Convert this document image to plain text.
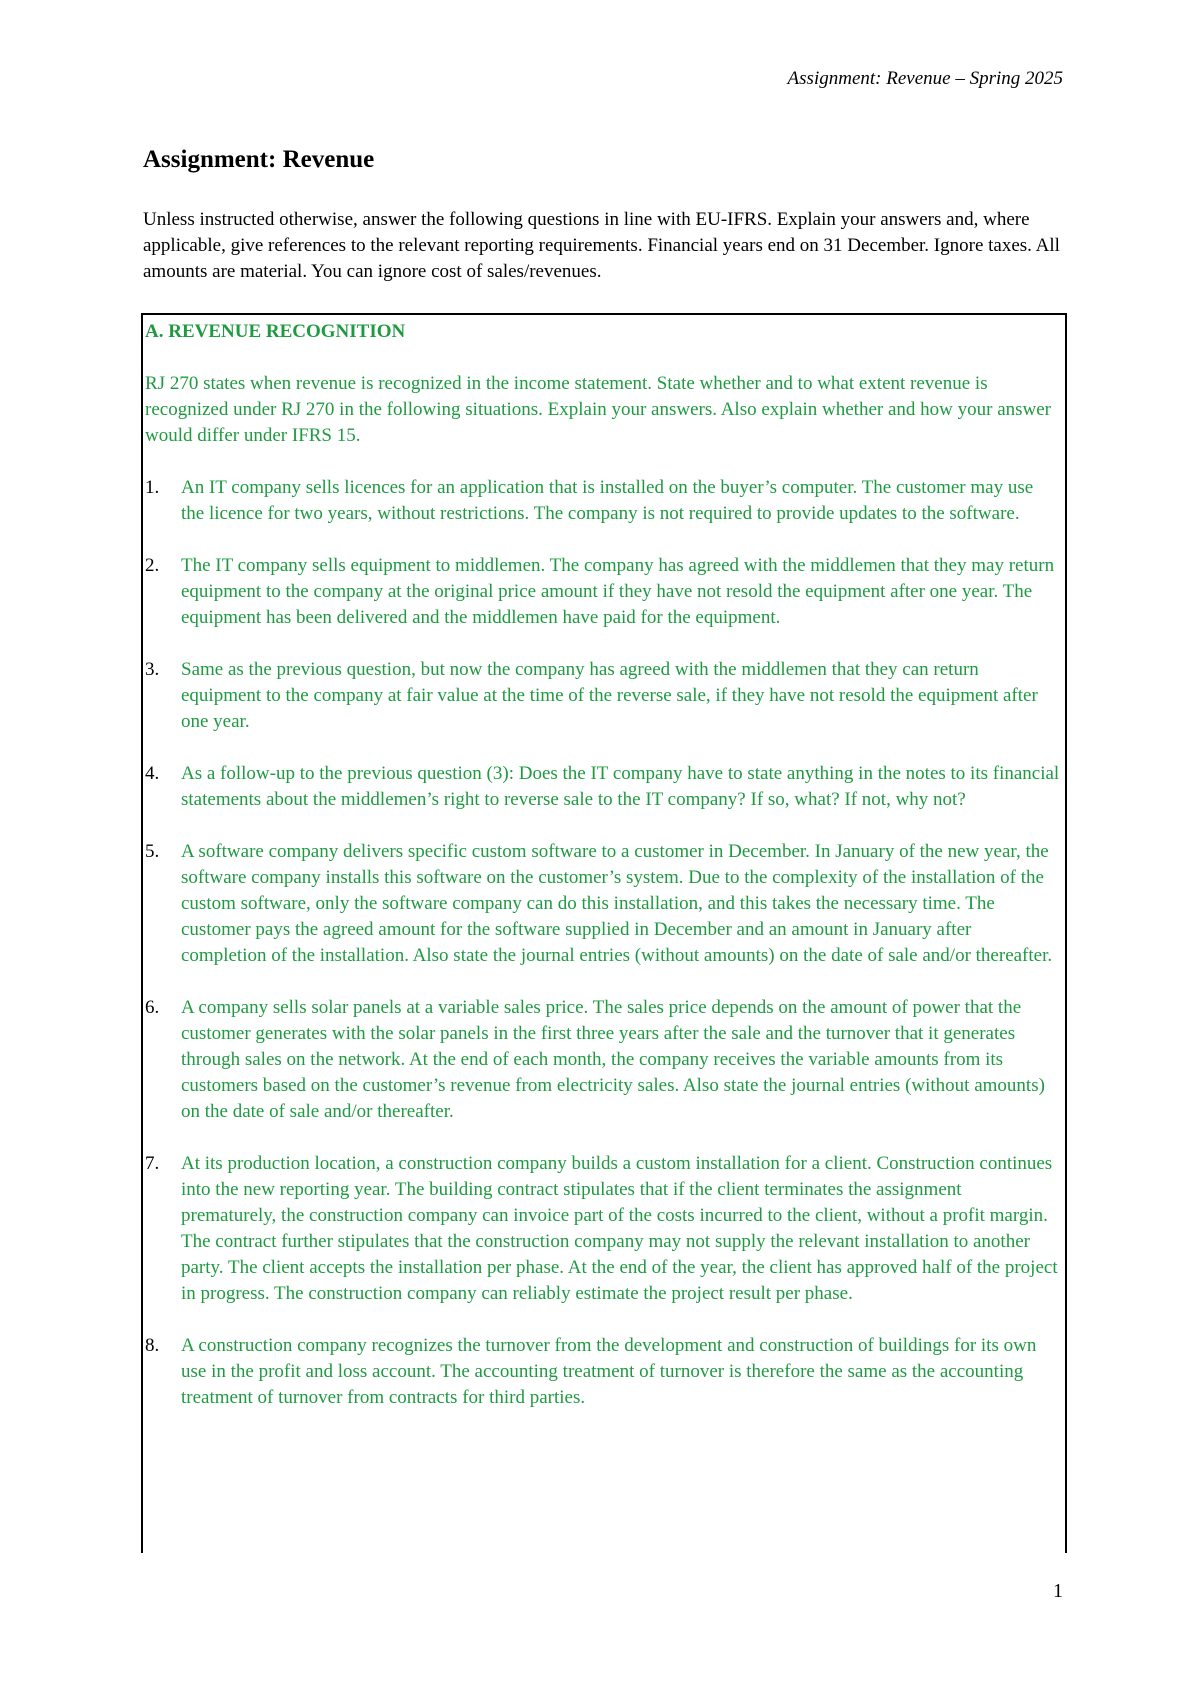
Assignment: Revenue – Spring 2025
Assignment: Revenue

Unless instructed otherwise, answer the following questions in line with EU-IFRS. Explain your answers and, where applicable, give references to the relevant reporting requirements. Financial years end on 31 December. Ignore taxes. All amounts are material. You can ignore cost of sales/revenues.

A. REVENUE RECOGNITION

RJ 270 states when revenue is recognized in the income statement. State whether and to what extent revenue is recognized under RJ 270 in the following situations. Explain your answers. Also explain whether and how your answer would differ under IFRS 15.

1.	An IT company sells licences for an application that is installed on the buyer’s computer. The customer may use the licence for two years, without restrictions. The company is not required to provide updates to the software.
2.	The IT company sells equipment to middlemen. The company has agreed with the middlemen that they may return equipment to the company at the original price amount if they have not resold the equipment after one year. The equipment has been delivered and the middlemen have paid for the equipment.
3.	Same as the previous question, but now the company has agreed with the middlemen that they can return equipment to the company at fair value at the time of the reverse sale, if they have not resold the equipment after one year.
4.	As a follow-up to the previous question (3): Does the IT company have to state anything in the notes to its financial statements about the middlemen’s right to reverse sale to the IT company? If so, what? If not, why not?
5.	A software company delivers specific custom software to a customer in December. In January of the new year, the software company installs this software on the customer’s system. Due to the complexity of the installation of the custom software, only the software company can do this installation, and this takes the necessary time. The customer pays the agreed amount for the software supplied in December and an amount in January after completion of the installation. Also state the journal entries (without amounts) on the date of sale and/or thereafter.
6.	A company sells solar panels at a variable sales price. The sales price depends on the amount of power that the customer generates with the solar panels in the first three years after the sale and the turnover that it generates through sales on the network. At the end of each month, the company receives the variable amounts from its customers based on the customer’s revenue from electricity sales. Also state the journal entries (without amounts) on the date of sale and/or thereafter.
7.	At its production location, a construction company builds a custom installation for a client. Construction continues into the new reporting year. The building contract stipulates that if the client terminates the assignment prematurely, the construction company can invoice part of the costs incurred to the client, without a profit margin. The contract further stipulates that the construction company may not supply the relevant installation to another party. The client accepts the installation per phase. At the end of the year, the client has approved half of the project in progress. The construction company can reliably estimate the project result per phase.
8.	A construction company recognizes the turnover from the development and construction of buildings for its own use in the profit and loss account. The accounting treatment of turnover is therefore the same as the accounting treatment of turnover from contracts for third parties.
1
